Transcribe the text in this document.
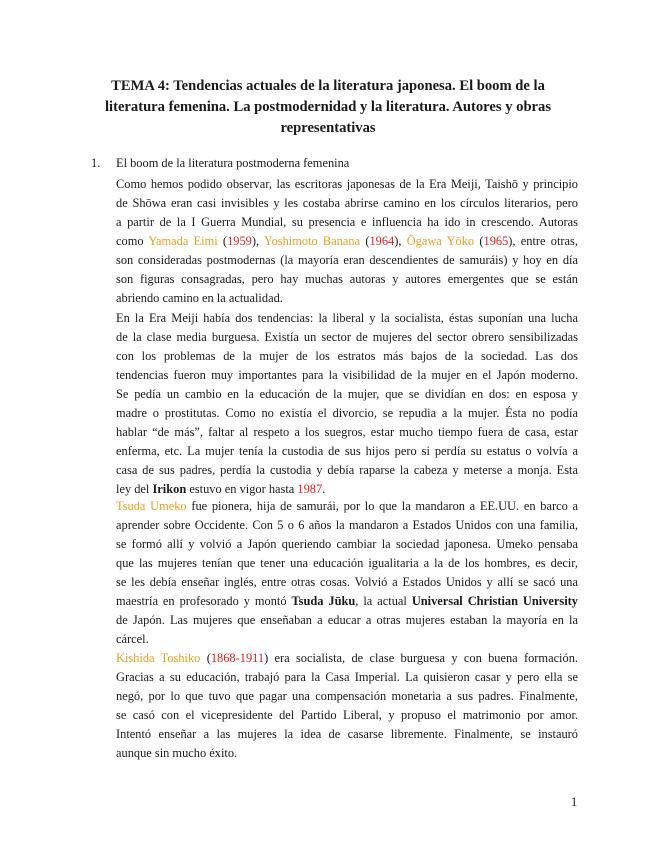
TEMA 4: Tendencias actuales de la literatura japonesa. El boom de la
literatura femenina. La postmodernidad y la literatura. Autores y obras
representativas
1. El boom de la literatura postmoderna femenina
Como hemos podido observar, las escritoras japonesas de la Era Meiji, Taishō y principio
de Shōwa eran casi invisibles y les costaba abrirse camino en los círculos literarios, pero
a partir de la I Guerra Mundial, su presencia e influencia ha ido in crescendo. Autoras
como Yamada Eimi (1959), Yoshimoto Banana (1964), Ōgawa Yōko (1965), entre otras,
son consideradas postmodernas (la mayoría eran descendientes de samuráis) y hoy en día
son figuras consagradas, pero hay muchas autoras y autores emergentes que se están
abriendo camino en la actualidad.
En la Era Meiji había dos tendencias: la liberal y la socialista, éstas suponían una lucha
de la clase media burguesa. Existía un sector de mujeres del sector obrero sensibilizadas
con los problemas de la mujer de los estratos más bajos de la sociedad. Las dos
tendencias fueron muy importantes para la visibilidad de la mujer en el Japón moderno.
Se pedía un cambio en la educación de la mujer, que se dividían en dos: en esposa y
madre o prostitutas. Como no existía el divorcio, se repudia a la mujer. Ésta no podía
hablar “de más”, faltar al respeto a los suegros, estar mucho tiempo fuera de casa, estar
enferma, etc. La mujer tenía la custodia de sus hijos pero si perdía su estatus o volvía a
casa de sus padres, perdía la custodia y debía raparse la cabeza y meterse a monja. Esta
ley del Irikon estuvo en vigor hasta 1987.
Tsuda Umeko fue pionera, hija de samurái, por lo que la mandaron a EE.UU. en barco a
aprender sobre Occidente. Con 5 o 6 años la mandaron a Estados Unidos con una familia,
se formó allí y volvió a Japón queriendo cambiar la sociedad japonesa. Umeko pensaba
que las mujeres tenían que tener una educación igualitaria a la de los hombres, es decir,
se les debía enseñar inglés, entre otras cosas. Volvió a Estados Unidos y allí se sacó una
maestría en profesorado y montó Tsuda Jūku, la actual Universal Christian University
de Japón. Las mujeres que enseñaban a educar a otras mujeres estaban la mayoría en la
cárcel.
Kishida Toshiko (1868-1911) era socialista, de clase burguesa y con buena formación.
Gracias a su educación, trabajó para la Casa Imperial. La quisieron casar y pero ella se
negó, por lo que tuvo que pagar una compensación monetaria a sus padres. Finalmente,
se casó con el vicepresidente del Partido Liberal, y propuso el matrimonio por amor.
Intentó enseñar a las mujeres la idea de casarse libremente. Finalmente, se instauró
aunque sin mucho éxito.
1
